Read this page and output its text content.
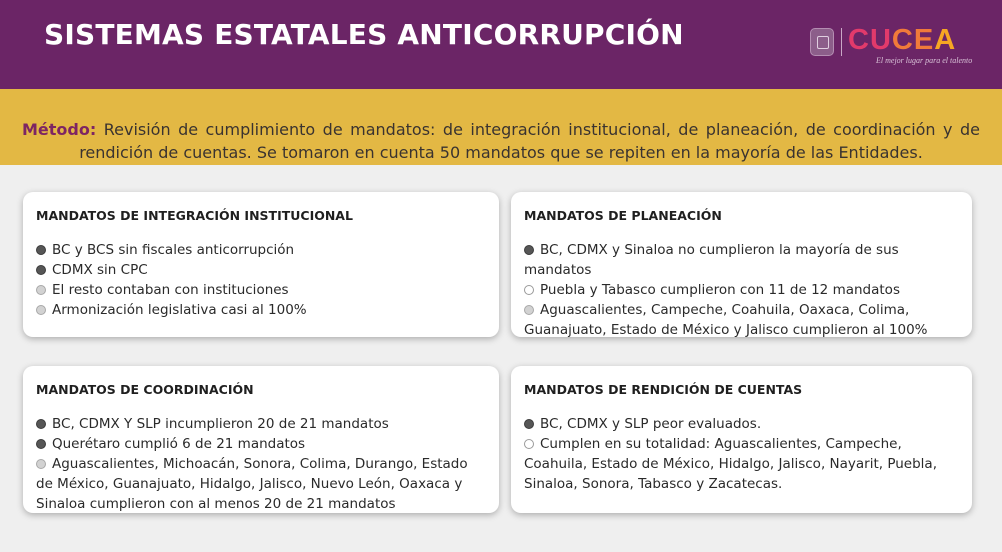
SISTEMAS ESTATALES ANTICORRUPCIÓN	CUCEA
El mejor lugar para el talento
Método: Revisión de cumplimiento de mandatos: de integración institucional, de planeación, de coordinación y de rendición de cuentas. Se tomaron en cuenta 50 mandatos que se repiten en la mayoría de las Entidades.
MANDATOS DE INTEGRACIÓN INSTITUCIONAL
BC y BCS sin fiscales anticorrupción
CDMX sin CPC
El resto contaban con instituciones
Armonización legislativa casi al 100%
MANDATOS DE PLANEACIÓN
BC, CDMX y Sinaloa no cumplieron la mayoría de sus mandatos
Puebla y Tabasco cumplieron con 11 de 12 mandatos
Aguascalientes, Campeche, Coahuila, Oaxaca, Colima, Guanajuato, Estado de México y Jalisco cumplieron al 100%
MANDATOS DE COORDINACIÓN
BC, CDMX Y SLP incumplieron 20 de 21 mandatos
Querétaro cumplió 6 de 21 mandatos
Aguascalientes, Michoacán, Sonora, Colima, Durango, Estado de México, Guanajuato, Hidalgo, Jalisco, Nuevo León, Oaxaca y Sinaloa cumplieron con al menos 20 de 21 mandatos
MANDATOS DE RENDICIÓN DE CUENTAS
BC, CDMX y SLP peor evaluados.
Cumplen en su totalidad: Aguascalientes, Campeche, Coahuila, Estado de México, Hidalgo, Jalisco, Nayarit, Puebla, Sinaloa, Sonora, Tabasco y Zacatecas.
